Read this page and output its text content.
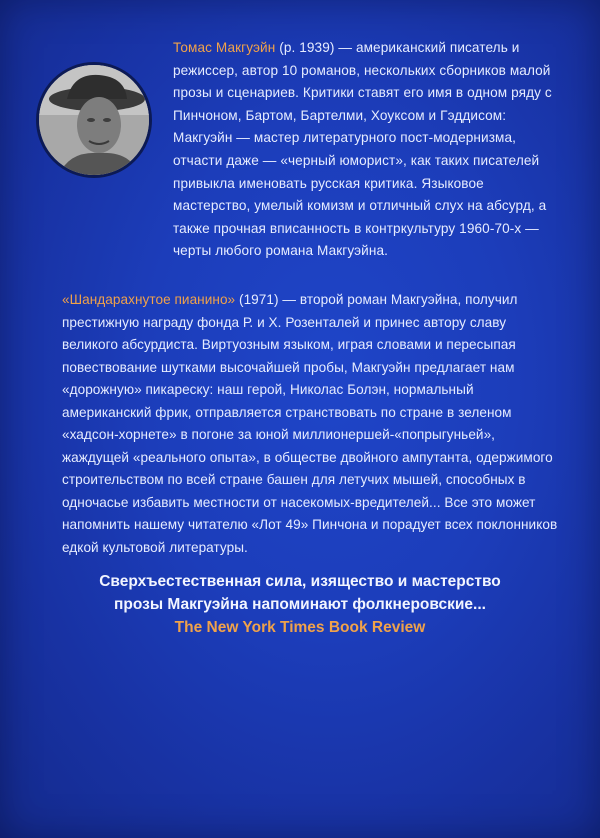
Томас Макгуэйн (р. 1939) — американский писатель и режиссер, автор 10 романов, нескольких сборников малой прозы и сценариев. Критики ставят его имя в одном ряду с Пинчоном, Бартом, Бартелми, Хоуксом и Гэддисом: Макгуэйн — мастер литературного пост-модернизма, отчасти даже — «черный юморист», как таких писателей привыкла именовать русская критика. Языковое мастерство, умелый комизм и отличный слух на абсурд, а также прочная вписанность в контркультуру 1960-70-х — черты любого романа Макгуэйна.

«Шандарахнутое пианино» (1971) — второй роман Макгуэйна, получил престижную награду фонда Р. и Х. Розенталей и принес автору славу великого абсурдиста. Виртуозным языком, играя словами и пересыпая повествование шутками высочайшей пробы, Макгуэйн предлагает нам «дорожную» пикареску: наш герой, Николас Болэн, нормальный американский фрик, отправляется странствовать по стране в зеленом «хадсон-хорнете» в погоне за юной миллионершей-«попрыгуньей», жаждущей «реального опыта», в обществе двойного ампутанта, одержимого строительством по всей стране башен для летучих мышей, способных в одночасье избавить местности от насекомых-вредителей... Все это может напомнить нашему читателю «Лот 49» Пинчона и порадует всех поклонников едкой культовой литературы.

Сверхъестественная сила, изящество и мастерство
прозы Макгуэйна напоминают фолкнеровские...
The New York Times Book Review
